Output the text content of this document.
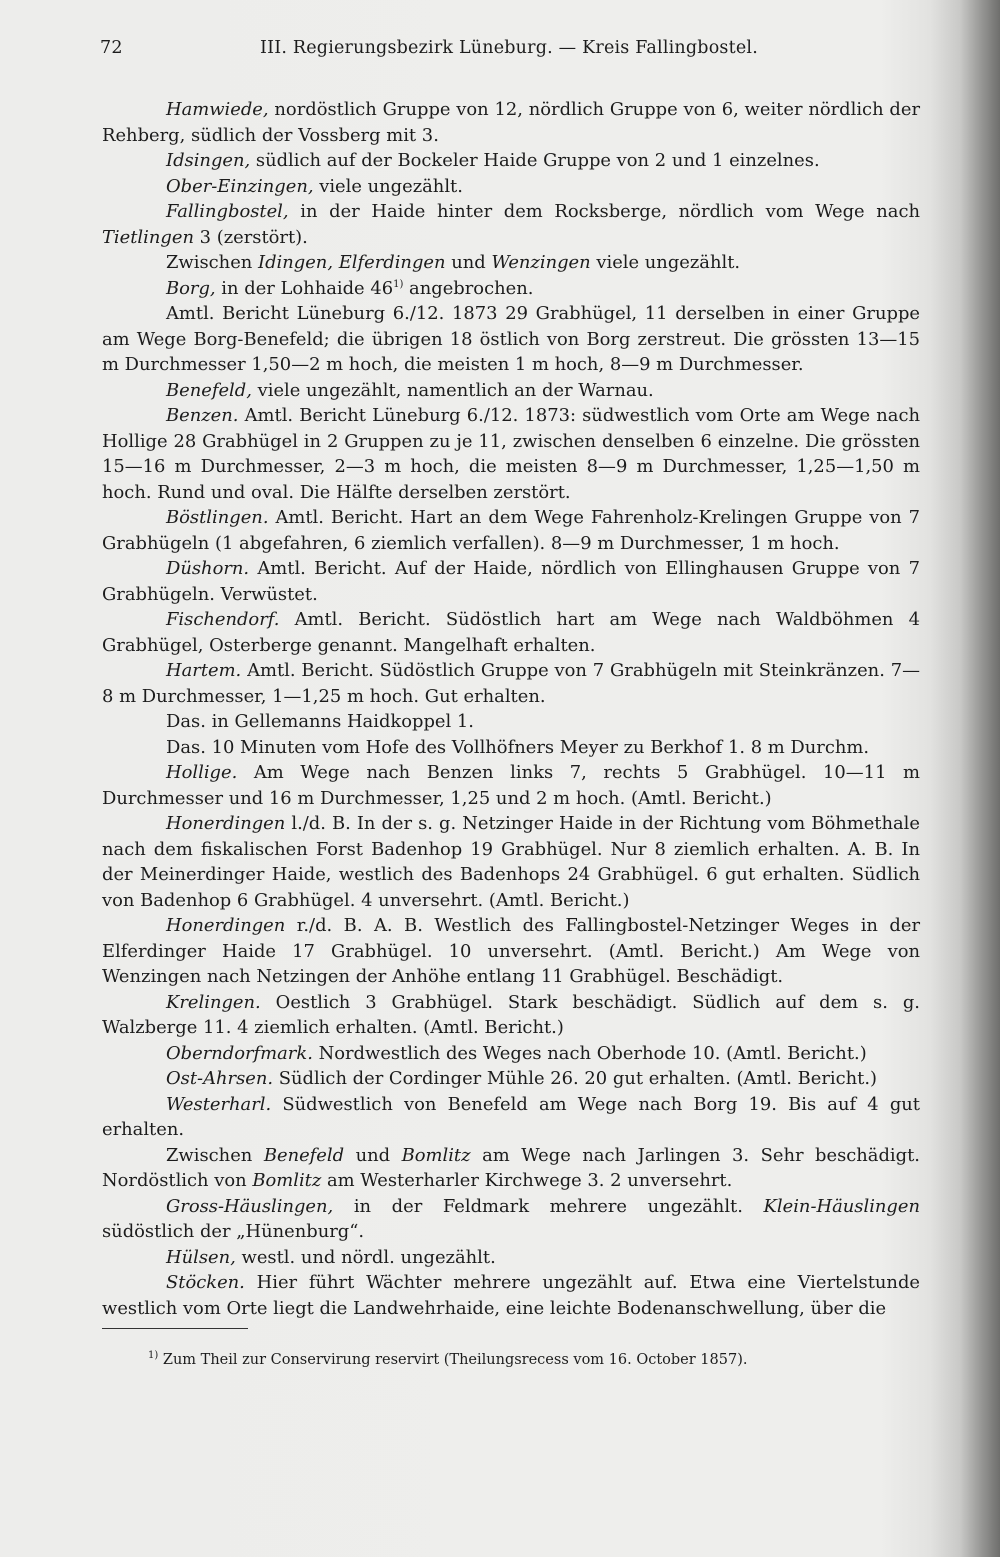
72	III. Regierungsbezirk Lüneburg. — Kreis Fallingbostel.

Hamwiede, nordöstlich Gruppe von 12, nördlich Gruppe von 6, weiter nördlich der Rehberg, südlich der Vossberg mit 3.

Idsingen, südlich auf der Bockeler Haide Gruppe von 2 und 1 einzelnes.

Ober-Einzingen, viele ungezählt.

Fallingbostel, in der Haide hinter dem Rocksberge, nördlich vom Wege nach Tietlingen 3 (zerstört).

Zwischen Idingen, Elferdingen und Wenzingen viele ungezählt.

Borg, in der Lohhaide 46$^{1)}$ angebrochen.

Amtl. Bericht Lüneburg 6./12. 1873 29 Grabhügel, 11 derselben in einer Gruppe am Wege Borg-Benefeld; die übrigen 18 östlich von Borg zerstreut. Die grössten 13—15 m Durchmesser 1,50—2 m hoch, die meisten 1 m hoch, 8—9 m Durchmesser.

Benefeld, viele ungezählt, namentlich an der Warnau.

Benzen. Amtl. Bericht Lüneburg 6./12. 1873: südwestlich vom Orte am Wege nach Hollige 28 Grabhügel in 2 Gruppen zu je 11, zwischen denselben 6 einzelne. Die grössten 15—16 m Durchmesser, 2—3 m hoch, die meisten 8—9 m Durchmesser, 1,25—1,50 m hoch. Rund und oval. Die Hälfte derselben zerstört.

Böstlingen. Amtl. Bericht. Hart an dem Wege Fahrenholz-Krelingen Gruppe von 7 Grabhügeln (1 abgefahren, 6 ziemlich verfallen). 8—9 m Durchmesser, 1 m hoch.

Düshorn. Amtl. Bericht. Auf der Haide, nördlich von Ellinghausen Gruppe von 7 Grabhügeln. Verwüstet.

Fischendorf. Amtl. Bericht. Südöstlich hart am Wege nach Waldböhmen 4 Grabhügel, Osterberge genannt. Mangelhaft erhalten.

Hartem. Amtl. Bericht. Südöstlich Gruppe von 7 Grabhügeln mit Steinkränzen. 7—8 m Durchmesser, 1—1,25 m hoch. Gut erhalten.

Das. in Gellemanns Haidkoppel 1.

Das. 10 Minuten vom Hofe des Vollhöfners Meyer zu Berkhof 1. 8 m Durchm.

Hollige. Am Wege nach Benzen links 7, rechts 5 Grabhügel. 10—11 m Durchmesser und 16 m Durchmesser, 1,25 und 2 m hoch. (Amtl. Bericht.)

Honerdingen l./d. B. In der s. g. Netzinger Haide in der Richtung vom Böhmethale nach dem fiskalischen Forst Badenhop 19 Grabhügel. Nur 8 ziemlich erhalten. A. B. In der Meinerdinger Haide, westlich des Badenhops 24 Grabhügel. 6 gut erhalten. Südlich von Badenhop 6 Grabhügel. 4 unversehrt. (Amtl. Bericht.)

Honerdingen r./d. B. A. B. Westlich des Fallingbostel-Netzinger Weges in der Elferdinger Haide 17 Grabhügel. 10 unversehrt. (Amtl. Bericht.) Am Wege von Wenzingen nach Netzingen der Anhöhe entlang 11 Grabhügel. Beschädigt.

Krelingen. Oestlich 3 Grabhügel. Stark beschädigt. Südlich auf dem s. g. Walzberge 11. 4 ziemlich erhalten. (Amtl. Bericht.)

Oberndorfmark. Nordwestlich des Weges nach Oberhode 10. (Amtl. Bericht.)

Ost-Ahrsen. Südlich der Cordinger Mühle 26. 20 gut erhalten. (Amtl. Bericht.)

Westerharl. Südwestlich von Benefeld am Wege nach Borg 19. Bis auf 4 gut erhalten.

Zwischen Benefeld und Bomlitz am Wege nach Jarlingen 3. Sehr beschädigt. Nordöstlich von Bomlitz am Westerharler Kirchwege 3. 2 unversehrt.

Gross-Häuslingen, in der Feldmark mehrere ungezählt. Klein-Häuslingen südöstlich der „Hünenburg“.

Hülsen, westl. und nördl. ungezählt.

Stöcken. Hier führt Wächter mehrere ungezählt auf. Etwa eine Viertelstunde westlich vom Orte liegt die Landwehrhaide, eine leichte Bodenanschwellung, über die

$^{1)}$ Zum Theil zur Conservirung reservirt (Theilungsrecess vom 16. October 1857).
